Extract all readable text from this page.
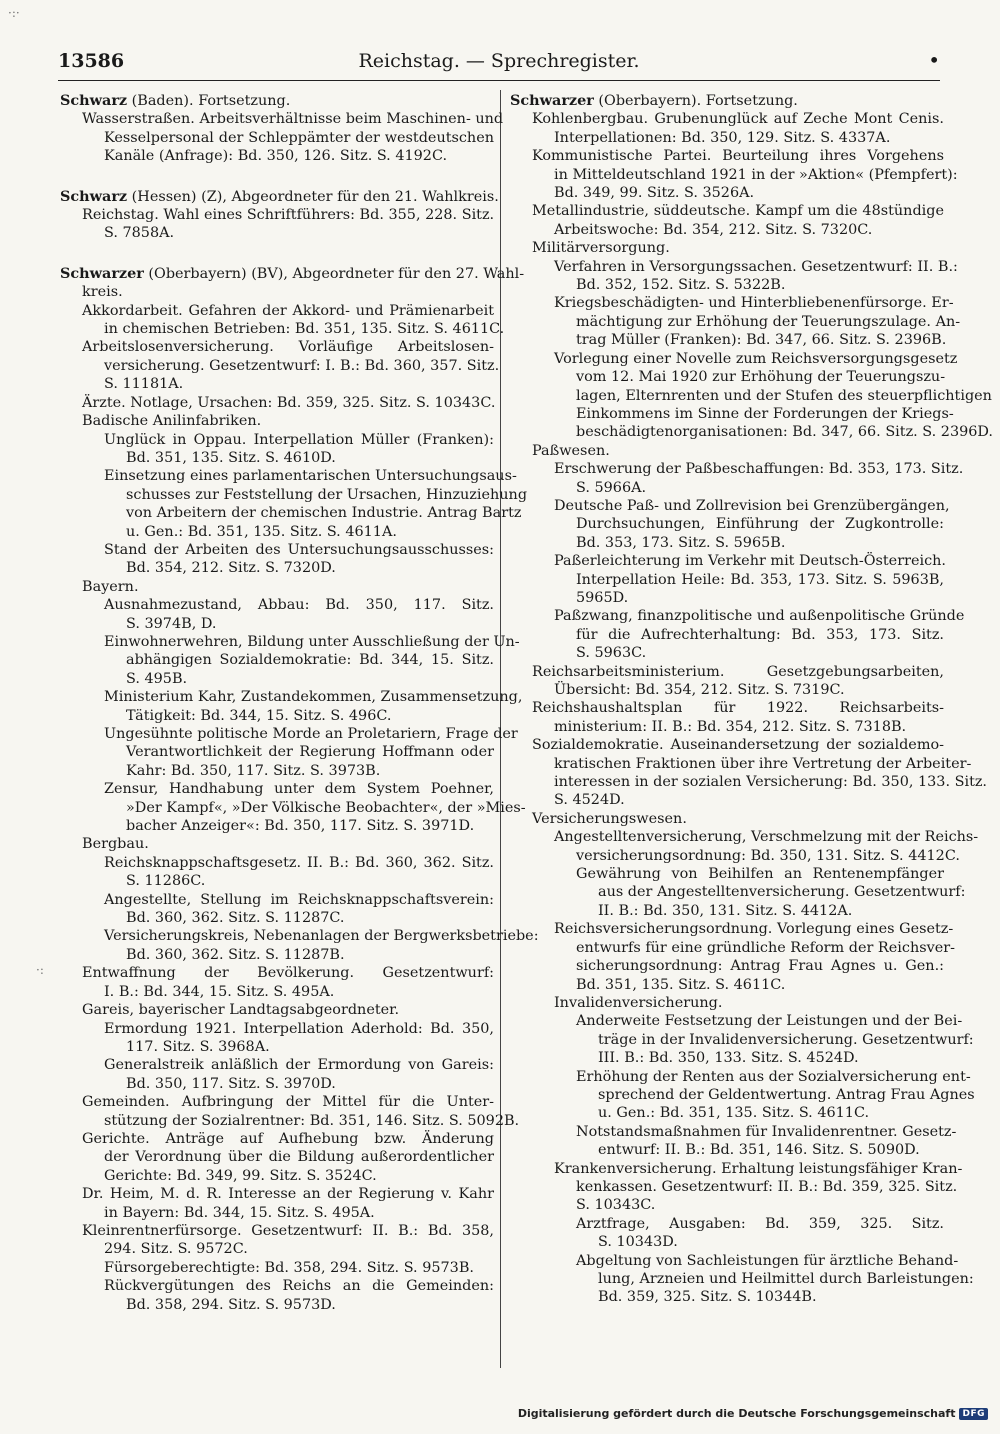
13586	Reichstag. — Sprechregister.	•
Schwarz (Baden). Fortsetzung.
Wasserstraßen. Arbeitsverhältnisse beim Maschinen- und
Kesselpersonal der Schleppämter der westdeutschen
Kanäle (Anfrage): Bd. 350, 126. Sitz. S. 4192C.
Schwarz (Hessen) (Z), Abgeordneter für den 21. Wahlkreis.
Reichstag. Wahl eines Schriftführers: Bd. 355, 228. Sitz.
S. 7858A.
Schwarzer (Oberbayern) (BV), Abgeordneter für den 27. Wahl-
kreis.
Akkordarbeit. Gefahren der Akkord- und Prämienarbeit
in chemischen Betrieben: Bd. 351, 135. Sitz. S. 4611C.
Arbeitslosenversicherung. Vorläufige Arbeitslosen-
versicherung. Gesetzentwurf: I. B.: Bd. 360, 357. Sitz.
S. 11181A.
Ärzte. Notlage, Ursachen: Bd. 359, 325. Sitz. S. 10343C.
Badische Anilinfabriken.
Unglück in Oppau. Interpellation Müller (Franken):
Bd. 351, 135. Sitz. S. 4610D.
Einsetzung eines parlamentarischen Untersuchungsaus-
schusses zur Feststellung der Ursachen, Hinzuziehung
von Arbeitern der chemischen Industrie. Antrag Bartz
u. Gen.: Bd. 351, 135. Sitz. S. 4611A.
Stand der Arbeiten des Untersuchungsausschusses:
Bd. 354, 212. Sitz. S. 7320D.
Bayern.
Ausnahmezustand, Abbau: Bd. 350, 117. Sitz.
S. 3974B, D.
Einwohnerwehren, Bildung unter Ausschließung der Un-
abhängigen Sozialdemokratie: Bd. 344, 15. Sitz.
S. 495B.
Ministerium Kahr, Zustandekommen, Zusammensetzung,
Tätigkeit: Bd. 344, 15. Sitz. S. 496C.
Ungesühnte politische Morde an Proletariern, Frage der
Verantwortlichkeit der Regierung Hoffmann oder
Kahr: Bd. 350, 117. Sitz. S. 3973B.
Zensur, Handhabung unter dem System Poehner,
»Der Kampf«, »Der Völkische Beobachter«, der »Mies-
bacher Anzeiger«: Bd. 350, 117. Sitz. S. 3971D.
Bergbau.
Reichsknappschaftsgesetz. II. B.: Bd. 360, 362. Sitz.
S. 11286C.
Angestellte, Stellung im Reichsknappschaftsverein:
Bd. 360, 362. Sitz. S. 11287C.
Versicherungskreis, Nebenanlagen der Bergwerksbetriebe:
Bd. 360, 362. Sitz. S. 11287B.
Entwaffnung der Bevölkerung. Gesetzentwurf:
I. B.: Bd. 344, 15. Sitz. S. 495A.
Gareis, bayerischer Landtagsabgeordneter.
Ermordung 1921. Interpellation Aderhold: Bd. 350,
117. Sitz. S. 3968A.
Generalstreik anläßlich der Ermordung von Gareis:
Bd. 350, 117. Sitz. S. 3970D.
Gemeinden. Aufbringung der Mittel für die Unter-
stützung der Sozialrentner: Bd. 351, 146. Sitz. S. 5092B.
Gerichte. Anträge auf Aufhebung bzw. Änderung
der Verordnung über die Bildung außerordentlicher
Gerichte: Bd. 349, 99. Sitz. S. 3524C.
Dr. Heim, M. d. R. Interesse an der Regierung v. Kahr
in Bayern: Bd. 344, 15. Sitz. S. 495A.
Kleinrentnerfürsorge. Gesetzentwurf: II. B.: Bd. 358,
294. Sitz. S. 9572C.
Fürsorgeberechtigte: Bd. 358, 294. Sitz. S. 9573B.
Rückvergütungen des Reichs an die Gemeinden:
Bd. 358, 294. Sitz. S. 9573D.
Schwarzer (Oberbayern). Fortsetzung.
Kohlenbergbau. Grubenunglück auf Zeche Mont Cenis.
Interpellationen: Bd. 350, 129. Sitz. S. 4337A.
Kommunistische Partei. Beurteilung ihres Vorgehens
in Mitteldeutschland 1921 in der »Aktion« (Pfempfert):
Bd. 349, 99. Sitz. S. 3526A.
Metallindustrie, süddeutsche. Kampf um die 48stündige
Arbeitswoche: Bd. 354, 212. Sitz. S. 7320C.
Militärversorgung.
Verfahren in Versorgungssachen. Gesetzentwurf: II. B.:
Bd. 352, 152. Sitz. S. 5322B.
Kriegsbeschädigten- und Hinterbliebenenfürsorge. Er-
mächtigung zur Erhöhung der Teuerungszulage. An-
trag Müller (Franken): Bd. 347, 66. Sitz. S. 2396B.
Vorlegung einer Novelle zum Reichsversorgungsgesetz
vom 12. Mai 1920 zur Erhöhung der Teuerungszu-
lagen, Elternrenten und der Stufen des steuerpflichtigen
Einkommens im Sinne der Forderungen der Kriegs-
beschädigtenorganisationen: Bd. 347, 66. Sitz. S. 2396D.
Paßwesen.
Erschwerung der Paßbeschaffungen: Bd. 353, 173. Sitz.
S. 5966A.
Deutsche Paß- und Zollrevision bei Grenzübergängen,
Durchsuchungen, Einführung der Zugkontrolle:
Bd. 353, 173. Sitz. S. 5965B.
Paßerleichterung im Verkehr mit Deutsch-Österreich.
Interpellation Heile: Bd. 353, 173. Sitz. S. 5963B,
5965D.
Paßzwang, finanzpolitische und außenpolitische Gründe
für die Aufrechterhaltung: Bd. 353, 173. Sitz.
S. 5963C.
Reichsarbeitsministerium. Gesetzgebungsarbeiten,
Übersicht: Bd. 354, 212. Sitz. S. 7319C.
Reichshaushaltsplan für 1922. Reichsarbeits-
ministerium: II. B.: Bd. 354, 212. Sitz. S. 7318B.
Sozialdemokratie. Auseinandersetzung der sozialdemo-
kratischen Fraktionen über ihre Vertretung der Arbeiter-
interessen in der sozialen Versicherung: Bd. 350, 133. Sitz.
S. 4524D.
Versicherungswesen.
Angestelltenversicherung, Verschmelzung mit der Reichs-
versicherungsordnung: Bd. 350, 131. Sitz. S. 4412C.
Gewährung von Beihilfen an Rentenempfänger
aus der Angestelltenversicherung. Gesetzentwurf:
II. B.: Bd. 350, 131. Sitz. S. 4412A.
Reichsversicherungsordnung. Vorlegung eines Gesetz-
entwurfs für eine gründliche Reform der Reichsver-
sicherungsordnung: Antrag Frau Agnes u. Gen.:
Bd. 351, 135. Sitz. S. 4611C.
Invalidenversicherung.
Anderweite Festsetzung der Leistungen und der Bei-
träge in der Invalidenversicherung. Gesetzentwurf:
III. B.: Bd. 350, 133. Sitz. S. 4524D.
Erhöhung der Renten aus der Sozialversicherung ent-
sprechend der Geldentwertung. Antrag Frau Agnes
u. Gen.: Bd. 351, 135. Sitz. S. 4611C.
Notstandsmaßnahmen für Invalidenrentner. Gesetz-
entwurf: II. B.: Bd. 351, 146. Sitz. S. 5090D.
Krankenversicherung. Erhaltung leistungsfähiger Kran-
kenkassen. Gesetzentwurf: II. B.: Bd. 359, 325. Sitz.
S. 10343C.
Arztfrage, Ausgaben: Bd. 359, 325. Sitz.
S. 10343D.
Abgeltung von Sachleistungen für ärztliche Behand-
lung, Arzneien und Heilmittel durch Barleistungen:
Bd. 359, 325. Sitz. S. 10344B.
Digitalisierung gefördert durch die Deutsche Forschungsgemeinschaft DFG
·:·
·:
